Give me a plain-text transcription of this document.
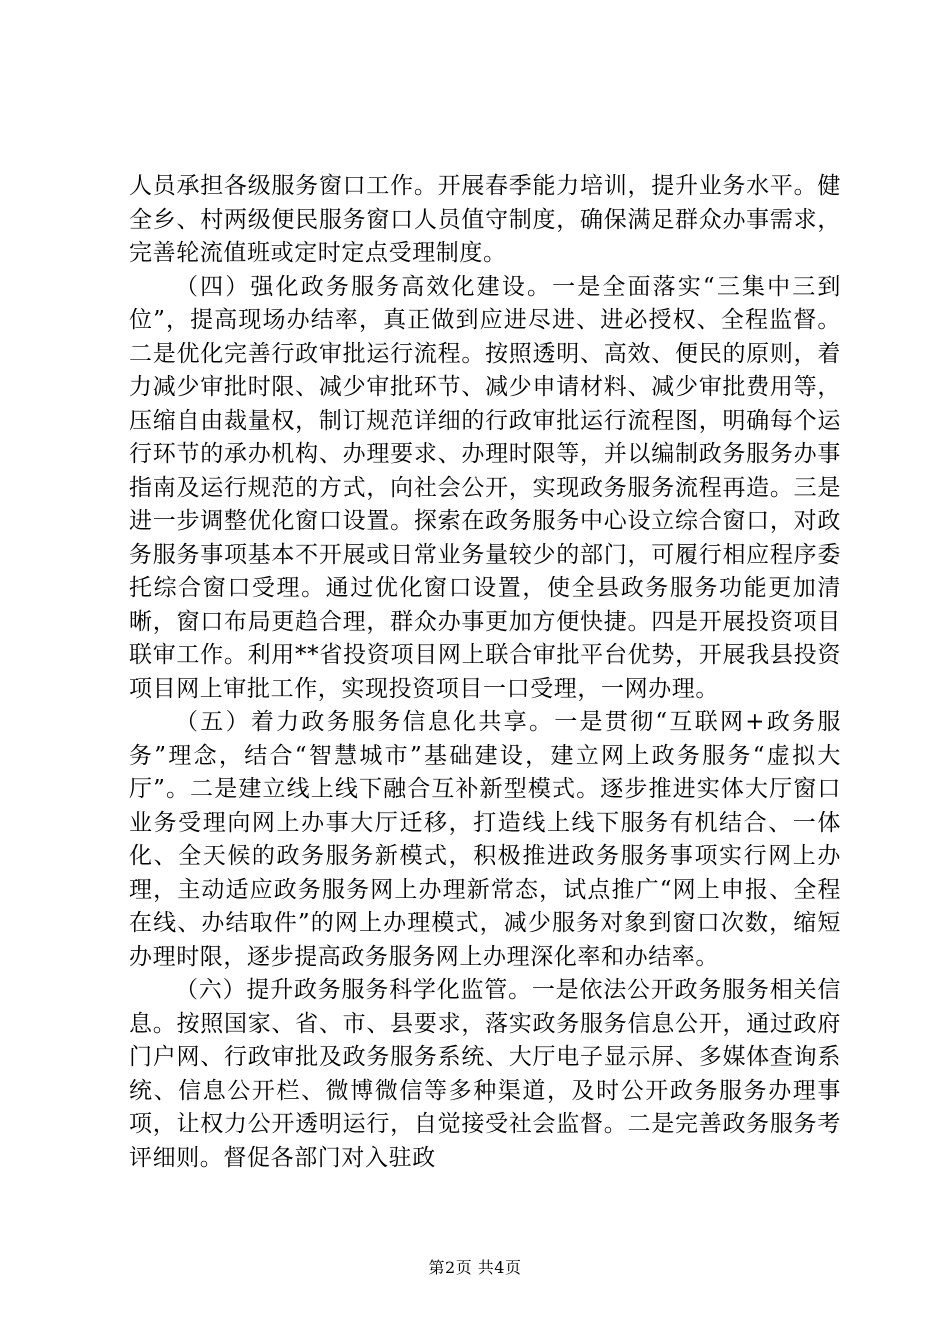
人员承担各级服务窗口工作。开展春季能力培训，提升业务水平。健全乡、村两级便民服务窗口人员值守制度，确保满足群众办事需求，完善轮流值班或定时定点受理制度。

（四）强化政务服务高效化建设。一是全面落实“三集中三到位”，提高现场办结率，真正做到应进尽进、进必授权、全程监督。二是优化完善行政审批运行流程。按照透明、高效、便民的原则，着力减少审批时限、减少审批环节、减少申请材料、减少审批费用等，压缩自由裁量权，制订规范详细的行政审批运行流程图，明确每个运行环节的承办机构、办理要求、办理时限等，并以编制政务服务办事指南及运行规范的方式，向社会公开，实现政务服务流程再造。三是进一步调整优化窗口设置。探索在政务服务中心设立综合窗口，对政务服务事项基本不开展或日常业务量较少的部门，可履行相应程序委托综合窗口受理。通过优化窗口设置，使全县政务服务功能更加清晰，窗口布局更趋合理，群众办事更加方便快捷。四是开展投资项目联审工作。利用**省投资项目网上联合审批平台优势，开展我县投资项目网上审批工作，实现投资项目一口受理，一网办理。

（五）着力政务服务信息化共享。一是贯彻“互联网+政务服务”理念，结合“智慧城市”基础建设，建立网上政务服务“虚拟大厅”。二是建立线上线下融合互补新型模式。逐步推进实体大厅窗口业务受理向网上办事大厅迁移，打造线上线下服务有机结合、一体化、全天候的政务服务新模式，积极推进政务服务事项实行网上办理，主动适应政务服务网上办理新常态，试点推广“网上申报、全程在线、办结取件”的网上办理模式，减少服务对象到窗口次数，缩短办理时限，逐步提高政务服务网上办理深化率和办结率。

（六）提升政务服务科学化监管。一是依法公开政务服务相关信息。按照国家、省、市、县要求，落实政务服务信息公开，通过政府门户网、行政审批及政务服务系统、大厅电子显示屏、多媒体查询系统、信息公开栏、微博微信等多种渠道，及时公开政务服务办理事项，让权力公开透明运行，自觉接受社会监督。二是完善政务服务考评细则。督促各部门对入驻政

第2页 共4页
